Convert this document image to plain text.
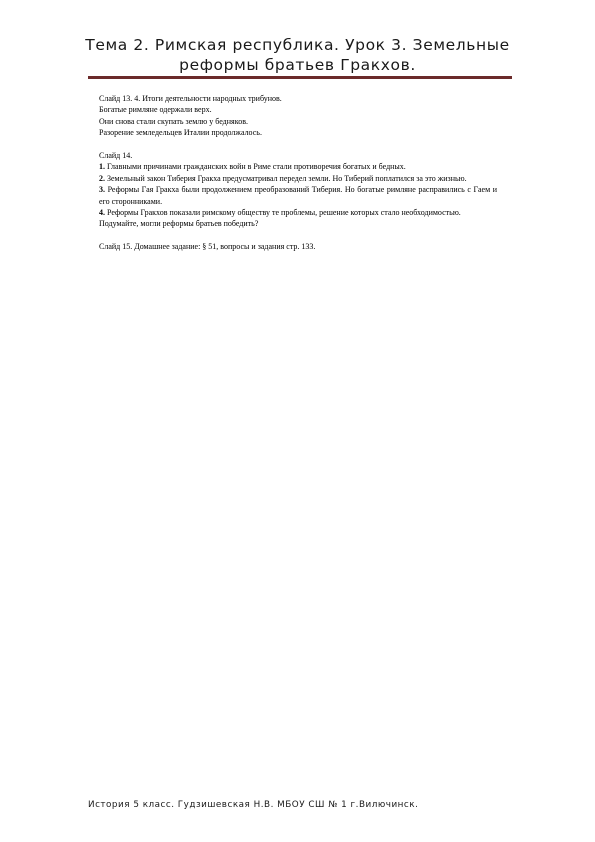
Тема 2. Римская республика. Урок 3. Земельные
реформы братьев Гракхов.

Слайд 13. 4. Итоги деятельности народных трибунов.

Богатые римляне одержали верх.

Они снова стали скупать землю у бедняков.

Разорение земледельцев Италии продолжалось.

Слайд 14.

1. Главными причинами гражданских войн в Риме стали противоречия богатых и бедных.

2. Земельный закон Тиберия Гракха предусматривал передел земли. Но Тиберий поплатился за это жизнью.

3. Реформы Гая Гракха были продолжением преобразований Тиберия. Но богатые римляне расправились с Гаем и его сторонниками.

4. Реформы Гракхов показали римскому обществу те проблемы, решение которых стало необходимостью.

Подумайте, могли реформы братьев победить?

Слайд 15. Домашнее задание: § 51, вопросы и задания стр. 133.

История 5 класс. Гудзишевская Н.В. МБОУ СШ № 1 г.Вилючинск.
